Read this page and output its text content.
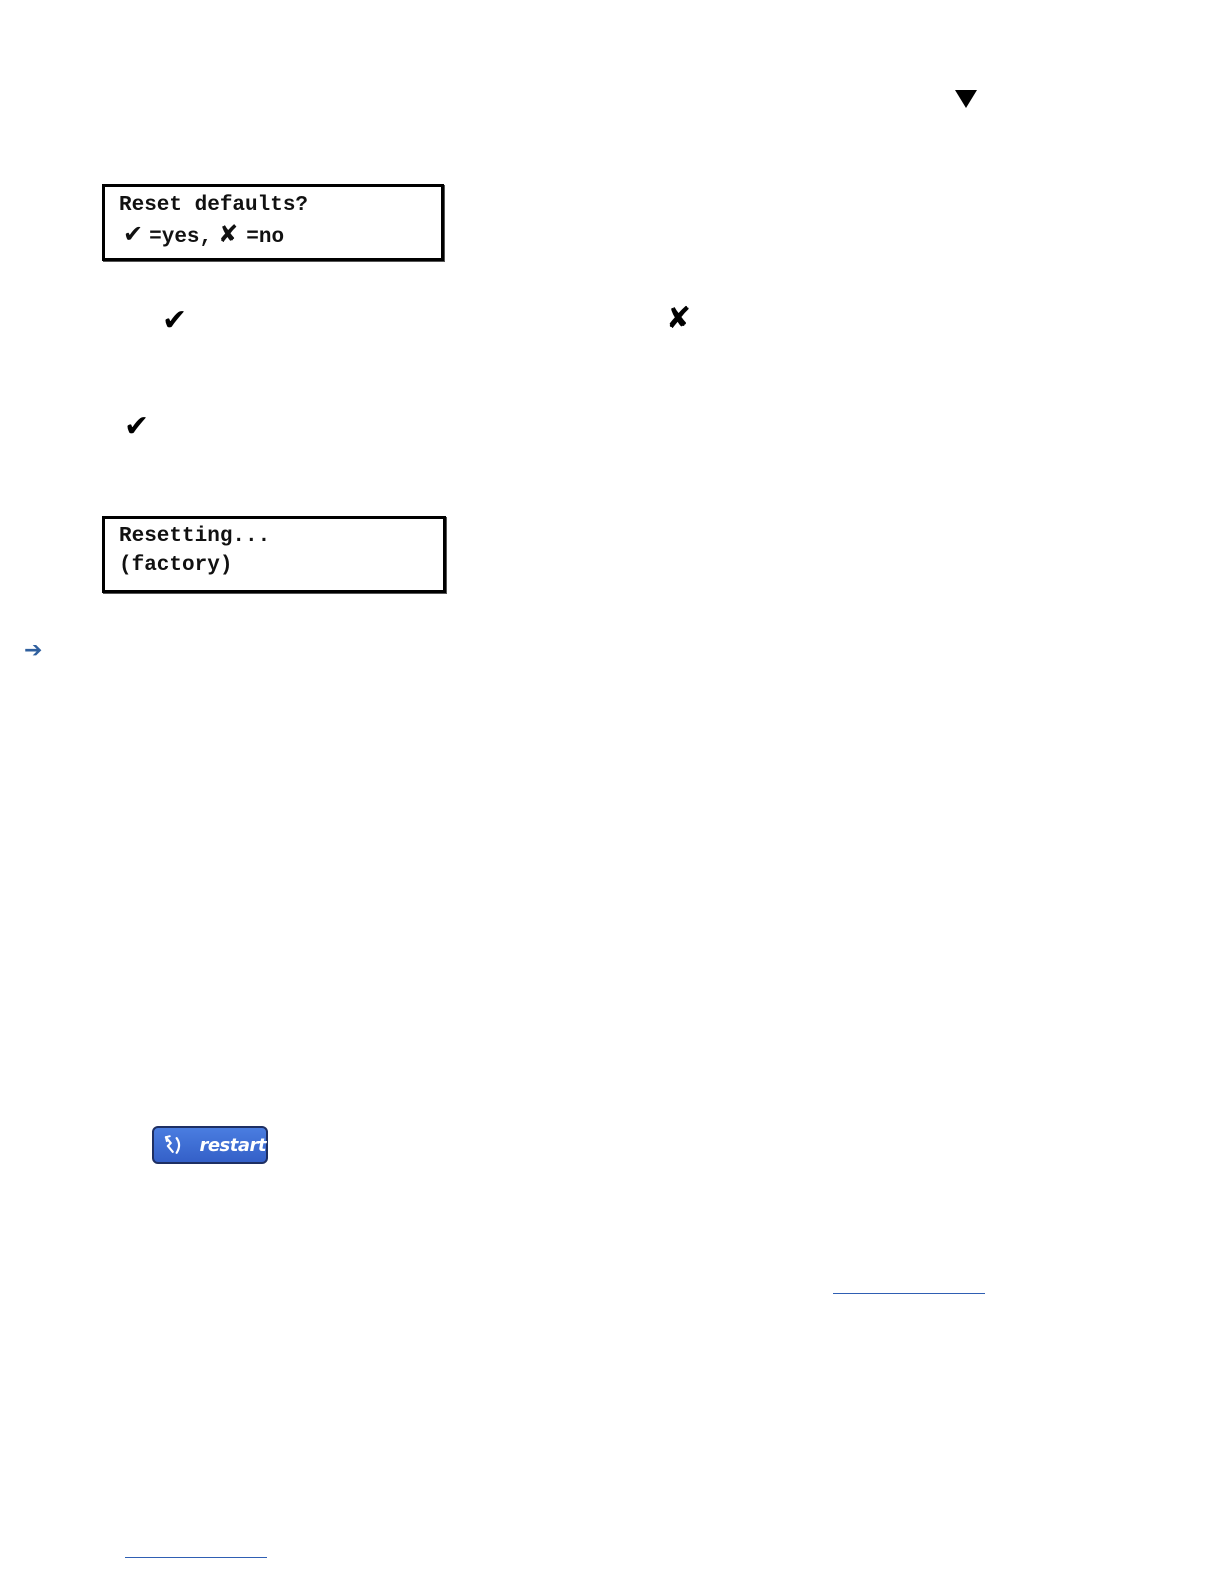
Reset defaults?
✔ =yes, ✘ =no
✔	✘
✔
Resetting...
(factory)
➔
restart
